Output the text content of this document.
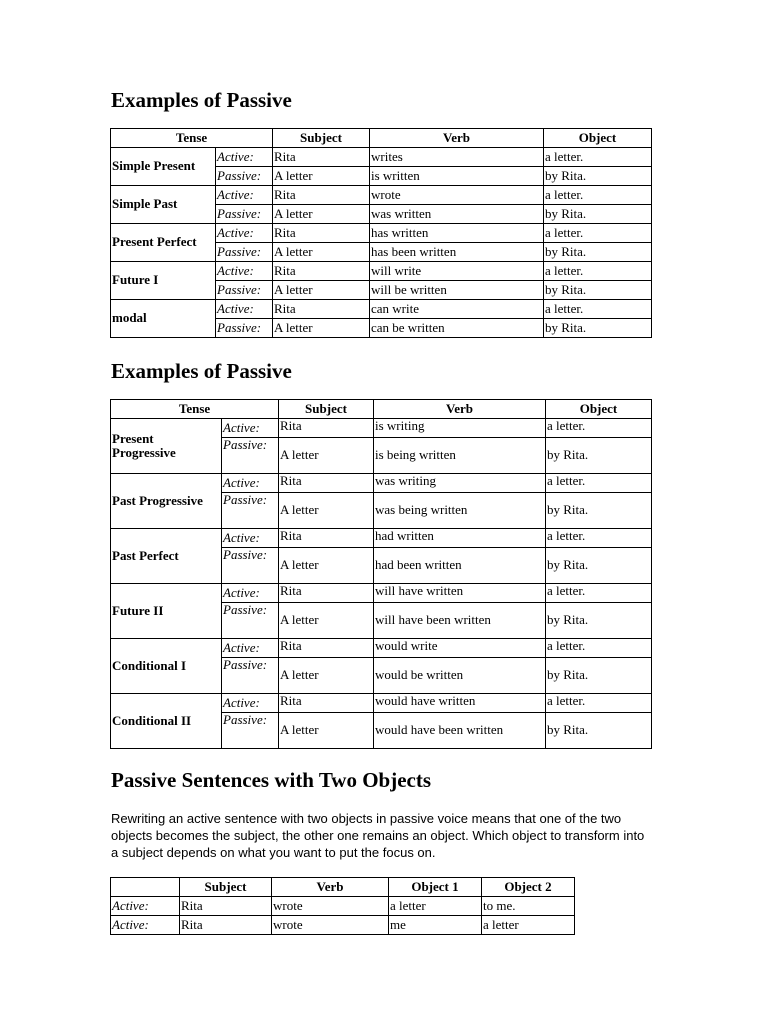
Examples of Passive
Tense		Subject	Verb	Object
Simple Present	Active:	Rita	writes	a letter.
	Passive:	A letter	is written	by Rita.
Simple Past	Active:	Rita	wrote	a letter.
	Passive:	A letter	was written	by Rita.
Present Perfect	Active:	Rita	has written	a letter.
	Passive:	A letter	has been written	by Rita.
Future I	Active:	Rita	will write	a letter.
	Passive:	A letter	will be written	by Rita.
modal	Active:	Rita	can write	a letter.
	Passive:	A letter	can be written	by Rita.
Examples of Passive
Tense		Subject	Verb	Object
Present Progressive	Active:	Rita	is writing	a letter.
	Passive:	A letter	is being written	by Rita.
Past Progressive	Active:	Rita	was writing	a letter.
	Passive:	A letter	was being written	by Rita.
Past Perfect	Active:	Rita	had written	a letter.
	Passive:	A letter	had been written	by Rita.
Future II	Active:	Rita	will have written	a letter.
	Passive:	A letter	will have been written	by Rita.
Conditional I	Active:	Rita	would write	a letter.
	Passive:	A letter	would be written	by Rita.
Conditional II	Active:	Rita	would have written	a letter.
	Passive:	A letter	would have been written	by Rita.
Passive Sentences with Two Objects

Rewriting an active sentence with two objects in passive voice means that one of the two objects becomes the subject, the other one remains an object. Which object to transform into a subject depends on what you want to put the focus on.

	Subject	Verb	Object 1	Object 2
Active:	Rita	wrote	a letter	to me.
Active:	Rita	wrote	me	a letter
